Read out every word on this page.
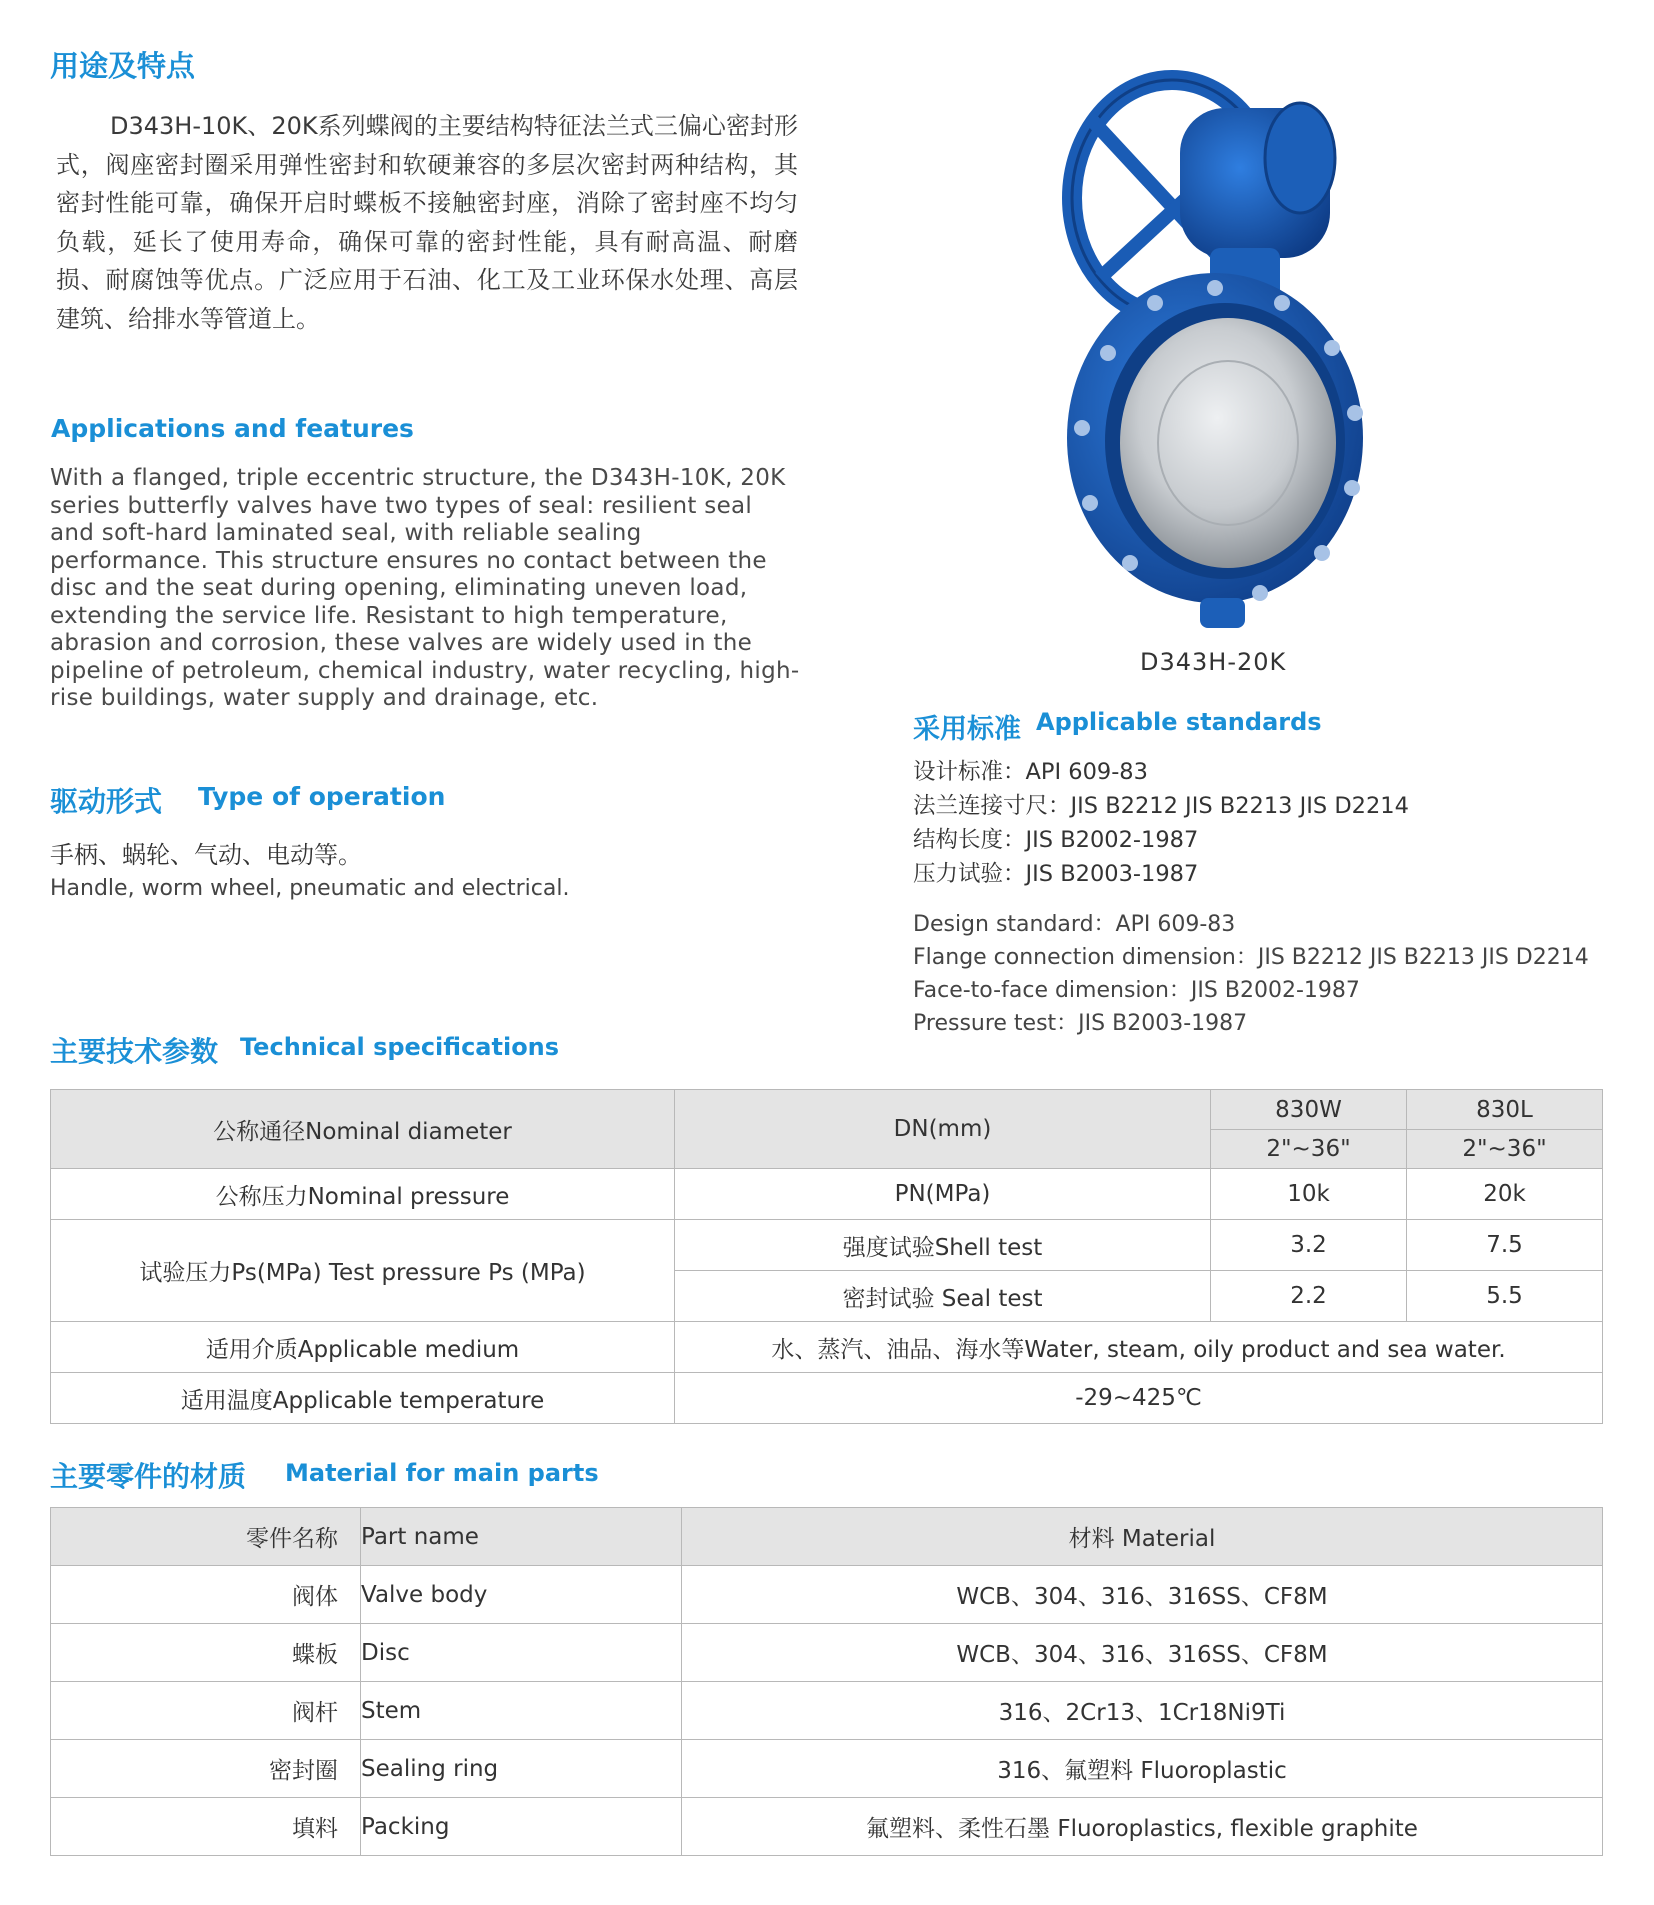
用途及特点
D343H-10K、20K系列蝶阀的主要结构特征法兰式三偏心密封形式，阀座密封圈采用弹性密封和软硬兼容的多层次密封两种结构，其密封性能可靠，确保开启时蝶板不接触密封座，消除了密封座不均匀负载，延长了使用寿命，确保可靠的密封性能，具有耐高温、耐磨损、耐腐蚀等优点。广泛应用于石油、化工及工业环保水处理、高层建筑、给排水等管道上。
Applications and features
With a flanged, triple eccentric structure, the D343H-10K, 20K series butterfly valves have two types of seal: resilient seal and soft-hard laminated seal, with reliable sealing performance. This structure ensures no contact between the disc and the seat during opening, eliminating uneven load, extending the service life. Resistant to high temperature, abrasion and corrosion, these valves are widely used in the pipeline of petroleum, chemical industry, water recycling, high-rise buildings, water supply and drainage, etc.
驱动形式 Type of operation
手柄、蜗轮、气动、电动等。
Handle, worm wheel, pneumatic and electrical.
D343H-20K
采用标准 Applicable standards
设计标准：API 609-83
法兰连接寸尺：JIS B2212 JIS B2213 JIS D2214
结构长度：JIS B2002-1987
压力试验：JIS B2003-1987
Design standard：API 609-83
Flange connection dimension：JIS B2212 JIS B2213 JIS D2214
Face-to-face dimension：JIS B2002-1987
Pressure test：JIS B2003-1987
主要技术参数 Technical specifications
公称通径Nominal diameter	DN(mm)	830W	830L
		2"~36"	2"~36"
公称压力Nominal pressure	PN(MPa)	10k	20k
试验压力Ps(MPa) Test pressure Ps (MPa)	强度试验Shell test	3.2	7.5
	密封试验 Seal test	2.2	5.5
适用介质Applicable medium	水、蒸汽、油品、海水等Water, steam, oily product and sea water.		
适用温度Applicable temperature	-29~425℃		
主要零件的材质 Material for main parts
零件名称	Part name	材料 Material
阀体	Valve body	WCB、304、316、316SS、CF8M
蝶板	Disc	WCB、304、316、316SS、CF8M
阀杆	Stem	316、2Cr13、1Cr18Ni9Ti
密封圈	Sealing ring	316、氟塑料 Fluoroplastic
填料	Packing	氟塑料、柔性石墨 Fluoroplastics, flexible graphite
